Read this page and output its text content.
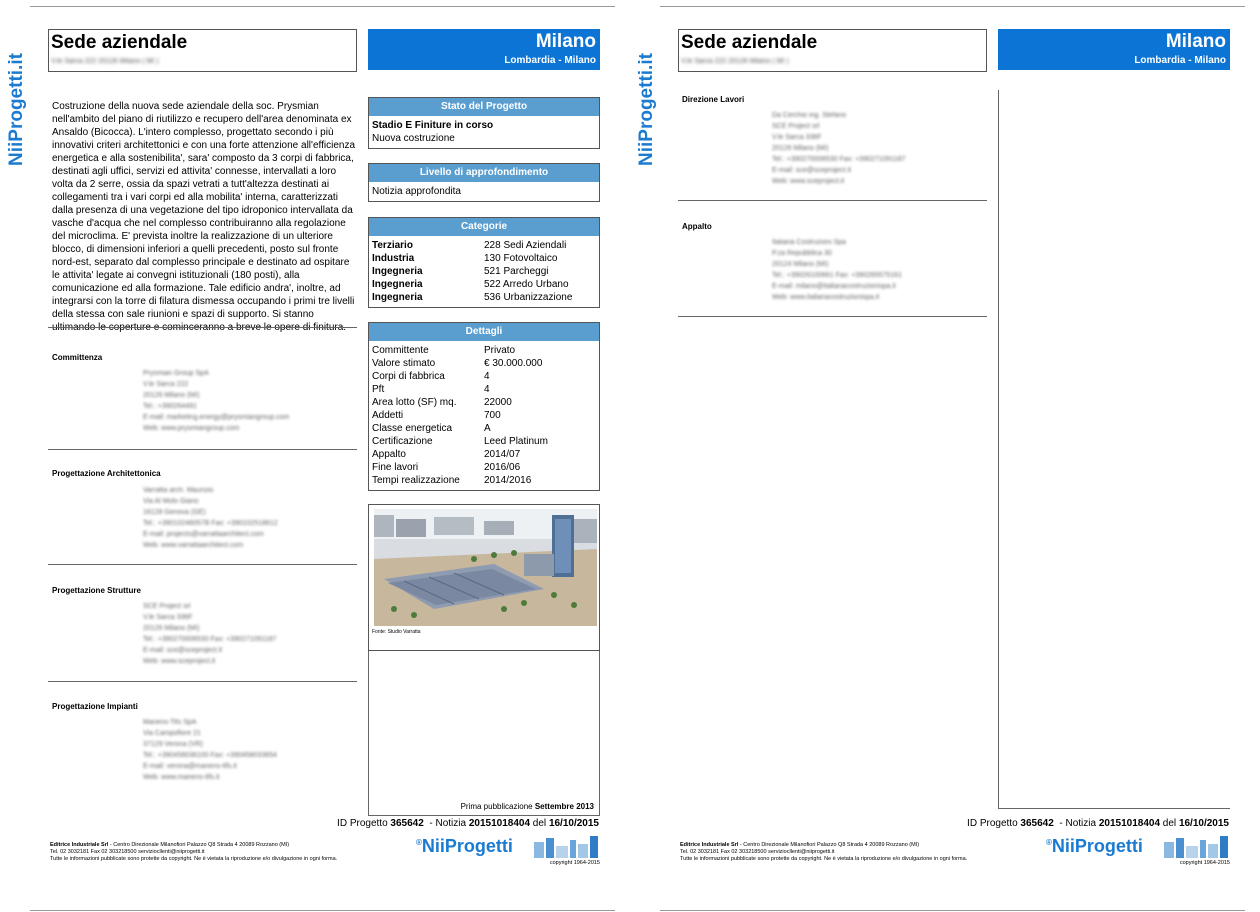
NiiProgetti.it
Sede aziendale
V.le Sarca 222 20126 Milano ( MI )
Milano
Lombardia - Milano
Costruzione della nuova sede aziendale della soc. Prysmian nell'ambito del piano di riutilizzo e recupero dell'area denominata ex Ansaldo (Bicocca). L'intero complesso, progettato secondo i più innovativi criteri architettonici e con una forte attenzione all'efficienza energetica e alla sostenibilita', sara' composto da 3 corpi di fabbrica, destinati agli uffici, servizi ed attivita' connesse, intervallati a loro volta da 2 serre, ossia da spazi vetrati a tutt'altezza destinati ai collegamenti tra i vari corpi ed alla mobilita' interna, caratterizzati dalla presenza di una vegetazione del tipo idroponico intervallata da vasche d'acqua che nel complesso contribuiranno alla regolazione del microclima. E' prevista inoltre la realizzazione di un ulteriore blocco, di dimensioni inferiori a quelli precedenti, posto sul fronte nord-est, separato dal complesso principale e destinato ad ospitare le attivita' legate ai convegni istituzionali (180 posti), alla comunicazione ed alla formazione. Tale edificio andra', inoltre, ad integrarsi con la torre di filatura dismessa occupando i primi tre livelli della stessa con sale riunioni e spazi di supporto. Si stanno
Committenza
Prysmian Group SpA
V.le Sarca 222
20126 Milano (MI)
Tel.: +390264491
E-mail: marketing.energy@prysmiangroup.com
Web: www.prysmiangroup.com
Progettazione Architettonica
Varratta arch. Maurizio
Via Al Molo Giano
16128 Genova (GE)
Tel.: +39010246057B Fax: +390102518612
E-mail: projects@varrattaarchitect.com
Web: www.varrattaarchitect.com
Progettazione Strutture
SCE Project srl
V.le Sarca 336F
20126 Milano (MI)
Tel.: +390270006530 Fax: +390271091187
E-mail: sce@sceproject.it
Web: www.sceproject.it
Progettazione Impianti
Manens-Tifs SpA
Via Campofiore 21
37129 Verona (VR)
Tel.: +390458036100 Fax: +390458033654
E-mail: verona@manens-tifs.it
Web: www.manens-tifs.it
Stato del Progetto
Stadio E Finiture in corso
Nuova costruzione
Livello di approfondimento
Notizia approfondita
Categorie
Terziario	228 Sedi Aziendali
Industria	130 Fotovoltaico
Ingegneria	521 Parcheggi
Ingegneria	522 Arredo Urbano
Ingegneria	536 Urbanizzazione
Dettagli
Committente	Privato
Valore stimato	€ 30.000.000
Corpi di fabbrica	4
Pft	4
Area lotto (SF) mq.	22000
Addetti	700
Classe energetica	A
Certificazione	Leed Platinum
Appalto	2014/07
Fine lavori	2016/06
Tempi realizzazione	2014/2016
Fonte: Studio Varratta
Prima pubblicazione Settembre 2013
ID Progetto 365642 - Notizia 20151018404 del 16/10/2015
Editrice Industriale Srl - Centro Direzionale Milanofiori Palazzo Q8 Strada 4 20089 Rozzano (MI)
Tel. 02 3032181 Fax 02 303218500 serviziocllenti@niiprogetti.it
Tutte le informazioni pubblicate sono protette da copyright. Ne è vietata la riproduzione e/o divulgazione in ogni forma.
®NiiProgetti
copyright 1964-2015
NiiProgetti.it
Sede aziendale
V.le Sarca 222 20126 Milano ( MI )
Milano
Lombardia - Milano
Direzione Lavori
Da Cerchio ing. Stefano
SCE Project srl
V.le Sarca 336F
20126 Milano (MI)
Tel.: +390270006530 Fax: +390271091187
E-mail: sce@sceproject.it
Web: www.sceproject.it
Appalto
Italiana Costruzioni Spa
P.za Repubblica 30
20124 Milano (MI)
Tel.: +39026100661 Fax: +390265575161
E-mail: milano@italianacostruzionispa.it
Web: www.italianacostruzionispa.it
ID Progetto 365642 - Notizia 20151018404 del 16/10/2015
Editrice Industriale Srl - Centro Direzionale Milanofiori Palazzo Q8 Strada 4 20089 Rozzano (MI)
Tel. 02 3032181 Fax 02 303218500 serviziocllenti@niiprogetti.it
Tutte le informazioni pubblicate sono protette da copyright. Ne è vietata la riproduzione e/o divulgazione in ogni forma.
®NiiProgetti
copyright 1964-2015
